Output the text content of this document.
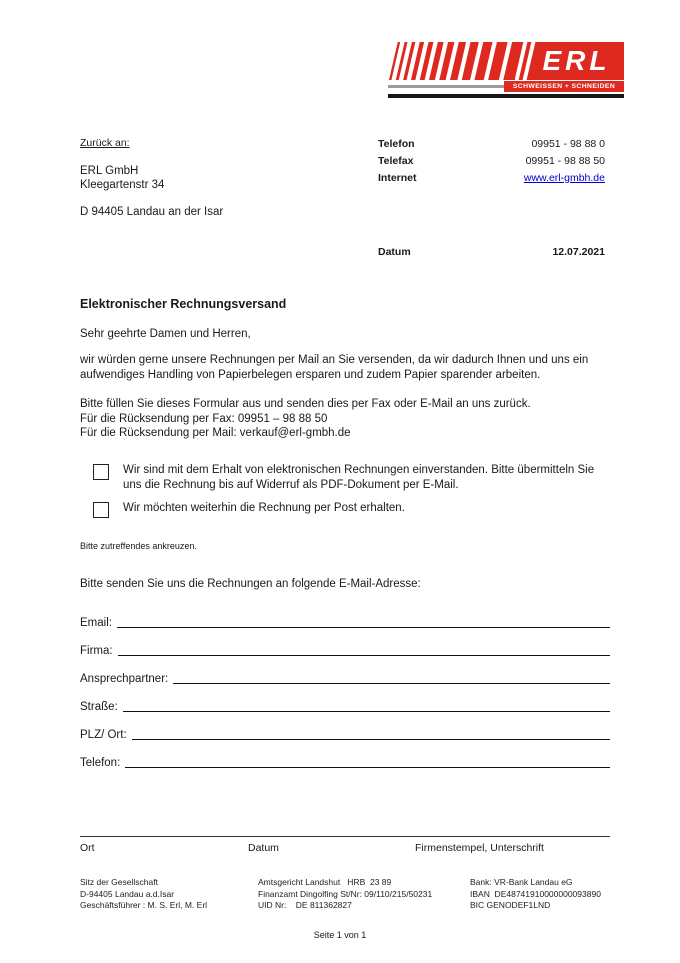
ERL
SCHWEISSEN + SCHNEIDEN
Zurück an:
ERL GmbH
Kleegartenstr 34
D 94405 Landau an der Isar
Telefon	09951 - 98 88 0
Telefax	09951 - 98 88 50
Internet	www.erl-gmbh.de
Datum	12.07.2021
Elektronischer Rechnungsversand
Sehr geehrte Damen und Herren,
wir würden gerne unsere Rechnungen per Mail an Sie versenden, da wir dadurch Ihnen und uns ein
aufwendiges Handling von Papierbelegen ersparen und zudem Papier sparender arbeiten.
Bitte füllen Sie dieses Formular aus und senden dies per Fax oder E-Mail an uns zurück.
Für die Rücksendung per Fax: 09951 – 98 88 50
Für die Rücksendung per Mail: verkauf@erl-gmbh.de
Wir sind mit dem Erhalt von elektronischen Rechnungen einverstanden. Bitte übermitteln Sie
uns die Rechnung bis auf Widerruf als PDF-Dokument per E-Mail.
Wir möchten weiterhin die Rechnung per Post erhalten.
Bitte zutreffendes ankreuzen.
Bitte senden Sie uns die Rechnungen an folgende E-Mail-Adresse:
Email:
Firma:
Ansprechpartner:
Straße:
PLZ/ Ort:
Telefon:
Ort	Datum	Firmenstempel, Unterschrift
Sitz der Gesellschaft
D-94405 Landau a.d.Isar
Geschäftsführer : M. S. Erl, M. Erl
Amtsgericht Landshut   HRB  23 89
Finanzamt Dingolfing St/Nr: 09/110/215/50231
UID Nr:    DE 811362827
Bank: VR-Bank Landau eG
IBAN  DE48741910000000093890
BIC GENODEF1LND
Seite 1 von 1
